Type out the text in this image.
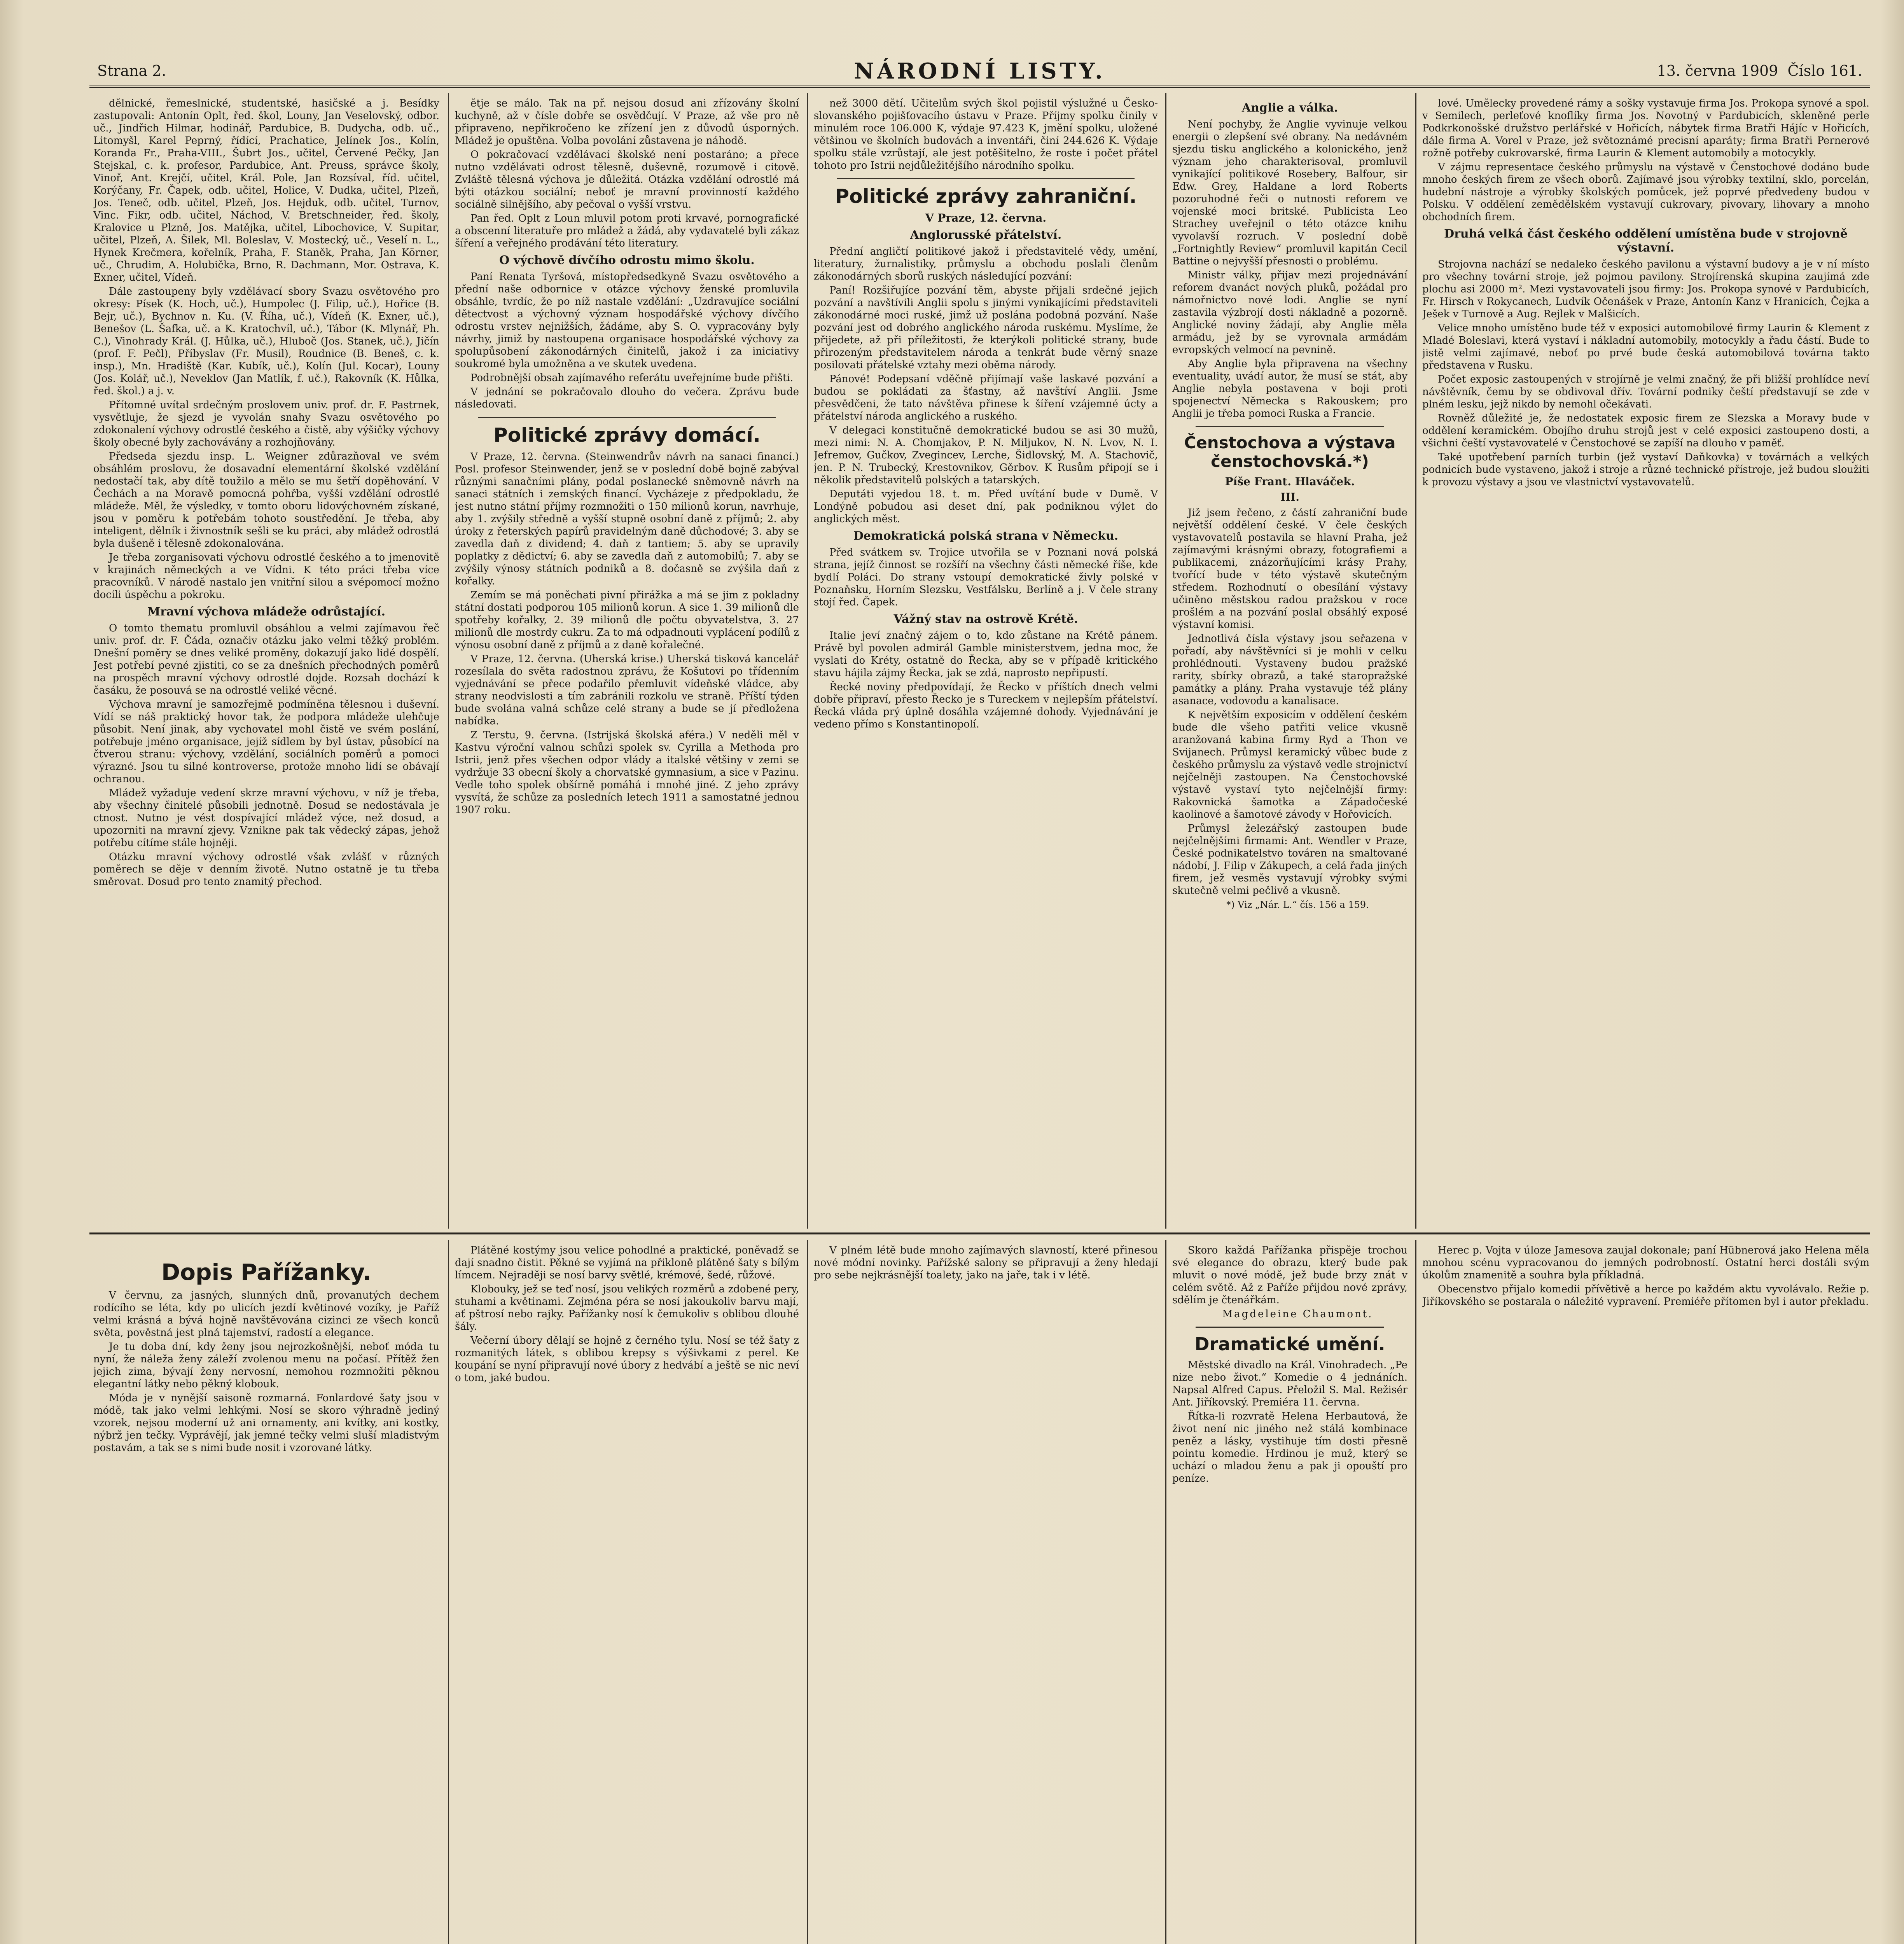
Strana 2.	NÁRODNÍ LISTY.	13. června 1909 Číslo 161.

dělnické, řemeslnické, studentské, hasičské a j. Besídky zastupovali: Antonín Oplt, řed. škol, Louny, Jan Veselovský, odbor. uč., Jindřich Hilmar, hodinář, Pardubice, B. Dudycha, odb. uč., Litomyšl, Karel Peprný, řídící, Prachatice, Jelínek Jos., Kolín, Koranda Fr., Praha-VIII., Šubrt Jos., učitel, Červené Pečky, Jan Stejskal, c. k. profesor, Pardubice, Ant. Preuss, správce školy, Vinoř, Ant. Krejčí, učitel, Král. Pole, Jan Rozsíval, říd. učitel, Korýčany, Fr. Čapek, odb. učitel, Holice, V. Dudka, učitel, Plzeň, Jos. Teneč, odb. učitel, Plzeň, Jos. Hejduk, odb. učitel, Turnov, Vinc. Fikr, odb. učitel, Náchod, V. Bretschneider, řed. školy, Kralovice u Plzně, Jos. Matějka, učitel, Libochovice, V. Supitar, učitel, Plzeň, A. Šilek, Ml. Boleslav, V. Mostecký, uč., Veselí n. L., Hynek Krečmera, kořelník, Praha, F. Staněk, Praha, Jan Körner, uč., Chrudim, A. Holubička, Brno, R. Dachmann, Mor. Ostrava, K. Exner, učitel, Vídeň.

Dále zastoupeny byly vzdělávací sbory Svazu osvětového pro okresy: Písek (K. Hoch, uč.), Humpolec (J. Filip, uč.), Hořice (B. Bejr, uč.), Bychnov n. Ku. (V. Říha, uč.), Vídeň (K. Exner, uč.), Benešov (L. Šafka, uč. a K. Kratochvíl, uč.), Tábor (K. Mlynář, Ph. C.), Vinohrady Král. (J. Hůlka, uč.), Hluboč (Jos. Stanek, uč.), Jičín (prof. F. Pečl), Příbyslav (Fr. Musil), Roudnice (B. Beneš, c. k. insp.), Mn. Hradiště (Kar. Kubík, uč.), Kolín (Jul. Kocar), Louny (Jos. Kolář, uč.), Neveklov (Jan Matlík, f. uč.), Rakovník (K. Hůlka, řed. škol.) a j. v.

Přítomné uvítal srdečným proslovem univ. prof. dr. F. Pastrnek, vysvětluje, že sjezd je vyvolán snahy Svazu osvětového po zdokonalení výchovy odrostlé českého a čistě, aby výšičky výchovy školy obecné byly zachovávány a rozhojňovány.

Předseda sjezdu insp. L. Weigner zdůrazňoval ve svém obsáhlém proslovu, že dosavadní elementární školské vzdělání nedostačí tak, aby dítě toužilo a mělo se mu šetří dopěhování. V Čechách a na Moravě pomocná pohřba, vyšší vzdělání odrostlé mládeže. Měl, že výsledky, v tomto oboru lidovýchovném získané, jsou v poměru k potřebám tohoto soustředění. Je třeba, aby inteligent, dělník i živnostník sešli se ku práci, aby mládež odrostlá byla dušeně i tělesně zdokonalována.

Je třeba zorganisovati výchovu odrostlé českého a to jmenovitě v krajinách německých a ve Vídni. K této práci třeba více pracovníků. V národě nastalo jen vnitřní silou a svépomocí možno docíli úspěchu a pokroku.

Mravní výchova mládeže odrůstající.

O tomto thematu promluvil obsáhlou a velmi zajímavou řeč univ. prof. dr. F. Čáda, označiv otázku jako velmi těžký problém. Dnešní poměry se dnes veliké proměny, dokazují jako lidé dospělí. Jest potřebí pevné zjistiti, co se za dnešních přechodných poměrů na prospěch mravní výchovy odrostlé dojde. Rozsah dochází k časáku, že posouvá se na odrostlé veliké věcné.

Výchova mravní je samozřejmě podmíněna tělesnou i duševní. Vídí se náš praktický hovor tak, že podpora mládeže ulehčuje působit. Není jinak, aby vychovatel mohl čistě ve svém poslání, potřebuje jméno organisace, jejíž sídlem by byl ústav, působící na čtverou stranu: výchovy, vzdělání, sociálních poměrů a pomoci výrazné. Jsou tu silné kontroverse, protože mnoho lidí se obávají ochranou.

Mládež vyžaduje vedení skrze mravní výchovu, v níž je třeba, aby všechny činitelé působili jednotně. Dosud se nedostávala je ctnost. Nutno je vést dospívající mládež výce, než dosud, a upozorniti na mravní zjevy. Vznikne pak tak vědecký zápas, jehož potřebu cítíme stále hojněji.

Otázku mravní výchovy odrostlé však zvlášť v různých poměrech se děje v denním životě. Nutno ostatně je tu třeba směrovat. Dosud pro tento znamitý přechod.

ětje se málo. Tak na př. nejsou dosud ani zřízovány školní kuchyně, až v čísle dobře se osvědčují. V Praze, až vše pro ně připraveno, nepřikročeno ke zřízení jen z důvodů úsporných. Mládež je opuštěna. Volba povolání zůstavena je náhodě.

O pokračovací vzdělávací školské není postaráno; a přece nutno vzdělávati odrost tělesně, duševně, rozumově i citově. Zvláště tělesná výchova je důležitá. Otázka vzdělání odrostlé má býti otázkou sociální; neboť je mravní provinností každého sociálně silnějšího, aby pečoval o vyšší vrstvu.

Pan řed. Oplt z Loun mluvil potom proti krvavé, pornografické a obscenní literatuře pro mládež a žádá, aby vydavatelé byli zákaz šíření a veřejného prodávání této literatury.

O výchově dívčího odrostu mimo školu.

Paní Renata Tyršová, místopředsedkyně Svazu osvětového a přední naše odbornice v otázce výchovy ženské promluvila obsáhle, tvrdíc, že po níž nastale vzdělání: „Uzdravujíce sociální dětectvost a výchovný význam hospodářské výchovy dívčího odrostu vrstev nejnižších, žádáme, aby S. O. vypracovány byly návrhy, jimiž by nastoupena organisace hospodářské výchovy za spolupůsobení zákonodárných činitelů, jakož i za iniciativy soukromé byla umožněna a ve skutek uvedena.

Podrobnější obsah zajímavého referátu uveřejníme bude přišti.

V jednání se pokračovalo dlouho do večera. Zprávu bude následovati.

Politické zprávy domácí.

V Praze, 12. června. (Steinwendrův návrh na sanaci financí.) Posl. profesor Steinwender, jenž se v poslední době bojně zabýval různými sanačními plány, podal poslanecké sněmovně návrh na sanaci státních i zemských financí. Vycházeje z předpokladu, že jest nutno státní příjmy rozmnožiti o 150 milionů korun, navrhuje, aby 1. zvýšily středně a vyšší stupně osobní daně z příjmů; 2. aby úroky z řeterských papírů pravidelným daně důchodové; 3. aby se zavedla daň z dividend; 4. daň z tantiem; 5. aby se upravily poplatky z dědictví; 6. aby se zavedla daň z automobilů; 7. aby se zvýšily výnosy státních podniků a 8. dočasně se zvýšila daň z kořalky.

Zemím se má poněchati pivní přirážka a má se jim z pokladny státní dostati podporou 105 milionů korun. A sice 1. 39 milionů dle spotřeby kořalky, 2. 39 milionů dle počtu obyvatelstva, 3. 27 milionů dle mostrdy cukru. Za to má odpadnouti vyplácení podílů z výnosu osobní daně z příjmů a z daně kořalečné.

V Praze, 12. června. (Uherská krise.) Uherská tisková kancelář rozesílala do světa radostnou zprávu, že Košutovi po třídenním vyjednávání se přece podařilo přemluvit vídeňské vládce, aby strany neodvislosti a tím zabránili rozkolu ve straně. Příští týden bude svolána valná schůze celé strany a bude se jí předložena nabídka.

Z Terstu, 9. června. (Istrijská školská aféra.) V neděli měl v Kastvu výroční valnou schůzi spolek sv. Cyrilla a Methoda pro Istrii, jenž přes všechen odpor vlády a italské většiny v zemi se vydržuje 33 obecní školy a chorvatské gymnasium, a sice v Pazinu. Vedle toho spolek obšírně pomáhá i mnohé jiné. Z jeho zprávy vysvítá, že schůze za posledních letech 1911 a samostatné jednou 1907 roku.

než 3000 dětí. Učitelům svých škol pojistil výslužné u Česko-slovanského pojišťovacího ústavu v Praze. Příjmy spolku činily v minulém roce 106.000 K, výdaje 97.423 K, jmění spolku, uložené většinou ve školních budovách a inventáři, činí 244.626 K. Výdaje spolku stále vzrůstají, ale jest potěšitelno, že roste i počet přátel tohoto pro Istrii nejdůležitějšího národního spolku.

Politické zprávy zahraniční.
V Praze, 12. června.
Anglorusské přátelství.

Přední angličtí politikové jakož i představitelé vědy, umění, literatury, žurnalistiky, průmyslu a obchodu poslali členům zákonodárných sborů ruských následující pozvání:

Paní! Rozšiřujíce pozvání těm, abyste přijali srdečné jejich pozvání a navštívili Anglii spolu s jinými vynikajícími představiteli zákonodárné moci ruské, jimž už poslána podobná pozvání. Naše pozvání jest od dobrého anglického národa ruskému. Myslíme, že přijedete, až při příležitosti, že kterýkoli politické strany, bude přirozeným představitelem národa a tenkrát bude věrný snaze posilovati přátelské vztahy mezi oběma národy.

Pánové! Podepsaní vděčně přijímají vaše laskavé pozvání a budou se pokládati za šťastny, až navštíví Anglii. Jsme přesvědčeni, že tato návštěva přinese k šíření vzájemné úcty a přátelství národa anglického a ruského.

V delegaci konstitučně demokratické budou se asi 30 mužů, mezi nimi: N. A. Chomjakov, P. N. Miljukov, N. N. Lvov, N. I. Jefremov, Gučkov, Zvegincev, Lerche, Šidlovský, M. A. Stachovič, jen. P. N. Trubecký, Krestovnikov, Gěrbov. K Rusům připojí se i několik představitelů polských a tatarských.

Deputáti vyjedou 18. t. m. Před uvítání bude v Dumě. V Londýně pobudou asi deset dní, pak podniknou výlet do anglických měst.

Demokratická polská strana v Německu.

Před svátkem sv. Trojice utvořila se v Poznani nová polská strana, jejíž činnost se rozšíří na všechny části německé říše, kde bydlí Poláci. Do strany vstoupí demokratické živly polské v Poznaňsku, Horním Slezsku, Vestfálsku, Berlíně a j. V čele strany stojí řed. Čapek.

Vážný stav na ostrově Krétě.

Italie jeví značný zájem o to, kdo zůstane na Krétě pánem. Právě byl povolen admirál Gamble ministerstvem, jedna moc, že vyslati do Kréty, ostatně do Řecka, aby se v případě kritického stavu hájila zájmy Řecka, jak se zdá, naprosto nepřipustí.

Řecké noviny předpovídají, že Řecko v příštích dnech velmi dobře připraví, přesto Řecko je s Tureckem v nejlepším přátelství. Řecká vláda prý úplně dosáhla vzájemné dohody. Vyjednávání je vedeno přímo s Konstantinopolí.

Anglie a válka.

Není pochyby, že Anglie vyvinuje velkou energii o zlepšení své obrany. Na nedávném sjezdu tisku anglického a kolonického, jenž význam jeho charakterisoval, promluvil vynikající politikové Rosebery, Balfour, sir Edw. Grey, Haldane a lord Roberts pozoruhodné řeči o nutnosti reforem ve vojenské moci britské. Publicista Leo Strachey uveřejnil o této otázce knihu vyvolavší rozruch. V poslední době „Fortnightly Review“ promluvil kapitán Cecil Battine o nejvyšší přesnosti o problému.

Ministr války, přijav mezi projednávání reforem dvanáct nových pluků, požádal pro námořnictvo nové lodi. Anglie se nyní zastavila výzbrojí dosti nákladně a pozorně. Anglické noviny žádají, aby Anglie měla armádu, jež by se vyrovnala armádám evropských velmocí na pevnině.

Aby Anglie byla připravena na všechny eventuality, uvádí autor, že musí se stát, aby Anglie nebyla postavena v boji proti spojenectví Německa s Rakouskem; pro Anglii je třeba pomoci Ruska a Francie.

Čenstochova a výstava čenstochovská.*)
Píše Frant. Hlaváček.
III.

Již jsem řečeno, z částí zahraniční bude největší oddělení české. V čele českých vystavovatelů postavila se hlavní Praha, jež zajímavými krásnými obrazy, fotografiemi a publikacemi, znázorňujícími krásy Prahy, tvořící bude v této výstavě skutečným středem. Rozhodnutí o obesílání výstavy učiněno městskou radou pražskou v roce prošlém a na pozvání poslal obsáhlý exposé výstavní komisi.

Jednotlivá čísla výstavy jsou seřazena v pořadí, aby návštěvníci si je mohli v celku prohlédnouti. Vystaveny budou pražské rarity, sbírky obrazů, a také staropražské památky a plány. Praha vystavuje též plány asanace, vodovodu a kanalisace.

K největším exposicím v oddělení českém bude dle všeho patřiti velice vkusně aranžovaná kabina firmy Ryd a Thon ve Svijanech. Průmysl keramický vůbec bude z českého průmyslu za výstavě vedle strojnictví nejčelněji zastoupen. Na Čenstochovské výstavě vystaví tyto nejčelnější firmy: Rakovnická šamotka a Západočeské kaolinové a šamotové závody v Hořovicích.

Průmysl železářský zastoupen bude nejčelnějšími firmami: Ant. Wendler v Praze, České podnikatelstvo továren na smaltované nádobí, J. Filip v Zákupech, a celá řada jiných firem, jež vesměs vystavují výrobky svými skutečně velmi pečlivě a vkusně.

*) Viz „Nár. L.“ čís. 156 a 159.

lové. Umělecky provedené rámy a sošky vystavuje firma Jos. Prokopa synové a spol. v Semilech, perleťové knoflíky firma Jos. Novotný v Pardubicích, skleněné perle Podkrkonošské družstvo perlářské v Hořicích, nábytek firma Bratři Hájíc v Hořicích, dále firma A. Vorel v Praze, jež světoznámé precisní aparáty; firma Bratři Pernerové rožně potřeby cukrovarské, firma Laurin & Klement automobily a motocykly.

V zájmu representace českého průmyslu na výstavě v Čenstochové dodáno bude mnoho českých firem ze všech oborů. Zajímavé jsou výrobky textilní, sklo, porcelán, hudební nástroje a výrobky školských pomůcek, jež poprvé předvedeny budou v Polsku. V oddělení zemědělském vystavují cukrovary, pivovary, lihovary a mnoho obchodních firem.

Druhá velká část českého oddělení umístěna bude v strojovně výstavní.

Strojovna nachází se nedaleko českého pavilonu a výstavní budovy a je v ní místo pro všechny tovární stroje, jež pojmou pavilony. Strojírenská skupina zaujímá zde plochu asi 2000 m². Mezi vystavovateli jsou firmy: Jos. Prokopa synové v Pardubicích, Fr. Hirsch v Rokycanech, Ludvík Očenášek v Praze, Antonín Kanz v Hranicích, Čejka a Ješek v Turnově a Aug. Rejlek v Malšicích.

Velice mnoho umístěno bude též v exposici automobilové firmy Laurin & Klement z Mladé Boleslavi, která vystaví i nákladní automobily, motocykly a řadu částí. Bude to jistě velmi zajímavé, neboť po prvé bude česká automobilová továrna takto představena v Rusku.

Počet exposic zastoupených v strojírně je velmi značný, že při bližší prohlídce neví návštěvník, čemu by se obdivoval dřív. Tovární podniky čeští představují se zde v plném lesku, jejž nikdo by nemohl očekávati.

Rovněž důležité je, že nedostatek exposic firem ze Slezska a Moravy bude v oddělení keramickém. Obojího druhu strojů jest v celé exposici zastoupeno dosti, a všichni čeští vystavovatelé v Čenstochové se zapíší na dlouho v paměť.

Také upotřebení parních turbin (jež vystaví Daňkovka) v továrnách a velkých podnicích bude vystaveno, jakož i stroje a různé technické přístroje, jež budou sloužiti k provozu výstavy a jsou ve vlastnictví vystavovatelů.

Dopis Pařížanky.

V červnu, za jasných, slunných dnů, provanutých dechem rodícího se léta, kdy po ulicích jezdí květinové vozíky, je Paříž velmi krásná a bývá hojně navštěvována cizinci ze všech konců světa, pověstná jest plná tajemství, radostí a elegance.

Je tu doba dní, kdy ženy jsou nejrozkošnější, neboť móda tu nyní, že náleža ženy záleží zvolenou menu na počasí. Přítěž žen jejich zima, bývají ženy nervosní, nemohou rozmnožiti pěknou elegantní látky nebo pěkný klobouk.

Móda je v nynější saisoně rozmarná. Fonlardové šaty jsou v módě, tak jako velmi lehkými. Nosí se skoro výhradně jediný vzorek, nejsou moderní už ani ornamenty, ani kvítky, ani kostky, nýbrž jen tečky. Vyprávějí, jak jemné tečky velmi sluší mladistvým postavám, a tak se s nimi bude nosit i vzorované látky.

Plátěné kostýmy jsou velice pohodlné a praktické, poněvadž se dají snadno čistit. Pěkné se vyjímá na přikloně plátěné šaty s bílým límcem. Nejraději se nosí barvy světlé, krémové, šedé, růžové.

Klobouky, jež se teď nosí, jsou velikých rozměrů a zdobené pery, stuhami a květinami. Zejména péra se nosí jakoukoliv barvu mají, ať pštrosí nebo rajky. Pařížanky nosí k čemukoliv s oblibou dlouhé šály.

Večerní úbory dělají se hojně z černého tylu. Nosí se též šaty z rozmanitých látek, s oblibou krepsy s výšivkami z perel. Ke koupání se nyní připravují nové úbory z hedvábí a ještě se nic neví o tom, jaké budou.

V plném létě bude mnoho zajímavých slavností, které přinesou nové módní novinky. Pařížské salony se připravují a ženy hledají pro sebe nejkrásnější toalety, jako na jaře, tak i v létě.

Skoro každá Pařížanka přispěje trochou své elegance do obrazu, který bude pak mluvit o nové módě, jež bude brzy znát v celém světě. Až z Paříže přijdou nové zprávy, sdělím je čtenářkám.

Magdeleine Chaumont.

Dramatické umění.

Městské divadlo na Král. Vinohradech. „Pe nize nebo život.“ Komedie o 4 jednáních. Napsal Alfred Capus. Přeložil S. Mal. Režisér Ant. Jiříkovský. Premiéra 11. června.

Řítka-li rozvratě Helena Herbautová, že život není nic jiného než stálá kombinace peněz a lásky, vystihuje tím dosti přesně pointu komedie. Hrdinou je muž, který se uchází o mladou ženu a pak ji opouští pro peníze.

Herec p. Vojta v úloze Jamesova zaujal dokonale; paní Hübnerová jako Helena měla mnohou scénu vypracovanou do jemných podrobností. Ostatní herci dostáli svým úkolům znamenitě a souhra byla příkladná.

Obecenstvo přijalo komedii přívětivě a herce po každém aktu vyvolávalo. Režie p. Jiříkovského se postarala o náležité vypravení. Premiéře přítomen byl i autor překladu.
